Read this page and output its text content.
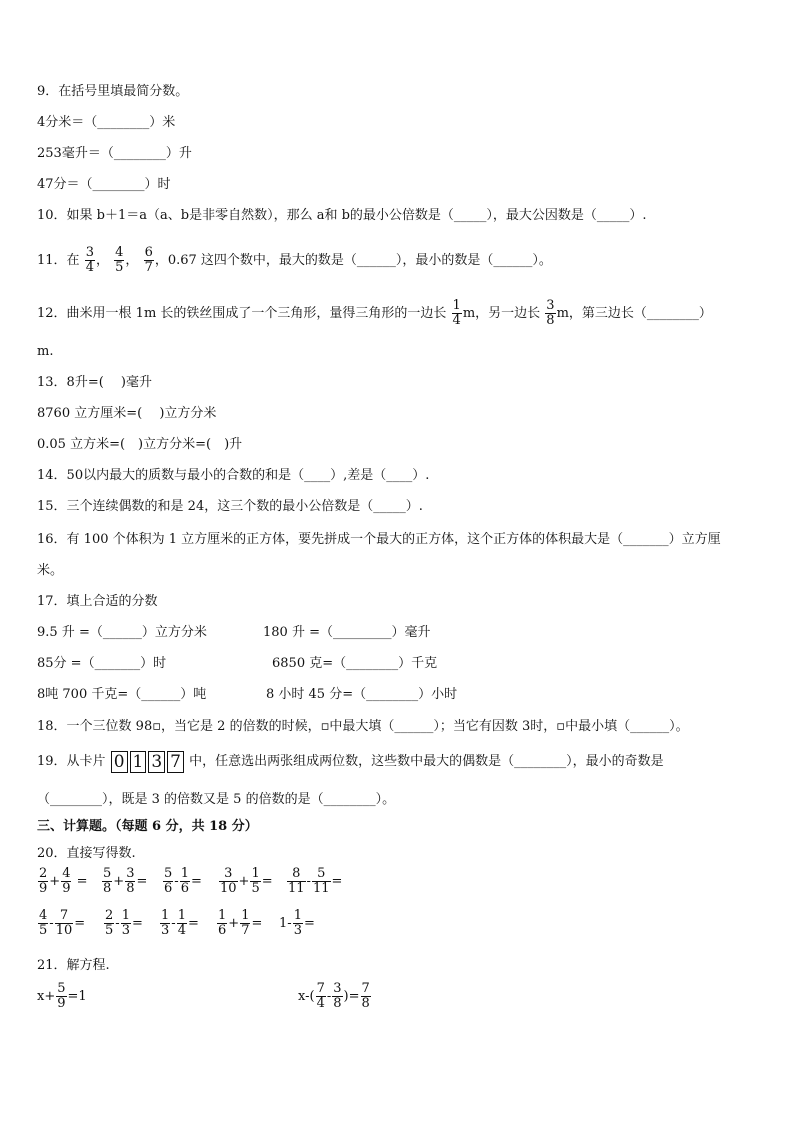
9．在括号里填最简分数。
4分米＝（________）米
253毫升＝（________）升
47分＝（________）时
10．如果 b＋1＝a（a、b是非零自然数），那么 a和 b的最小公倍数是（_____），最大公因数是（_____）.
11．在 $\frac{3}{4}$ ， $\frac{4}{5}$ ， $\frac{6}{7}$ ，0.67 这四个数中，最大的数是（______），最小的数是（______）。
12．曲米用一根 1m 长的铁丝围成了一个三角形，量得三角形的一边长 $\frac{1}{4}$ m，另一边长 $\frac{3}{8}$ m，第三边长（________）
m.
13．8升=(　 )毫升
8760 立方厘米=(　 )立方分米
0.05 立方米=(　)立方分米=(　)升
14．50以内最大的质数与最小的合数的和是（____）,差是（____）.
15．三个连续偶数的和是 24，这三个数的最小公倍数是（_____）.
16．有 100 个体积为 1 立方厘米的正方体，要先拼成一个最大的正方体，这个正方体的体积最大是（_______）立方厘
米。
17．填上合适的分数
9.5 升 =（______）立方分米	180 升 =（_________）毫升
85分 =（_______）时	6850 克=（________）千克
8吨 700 千克=（______）吨	8 小时 45 分=（________）小时
18．一个三位数 98▫，当它是 2 的倍数的时候，▫中最大填（______）；当它有因数 3时，▫中最小填（______）。
19．从卡片 0 1 3 7 中，任意选出两张组成两位数，这些数中最大的偶数是（________），最小的奇数是
（________），既是 3 的倍数又是 5 的倍数的是（________）。
三、计算题。（每题 6 分，共 18 分）
20．直接写得数.
$\frac{2}{9} + \frac{4}{9} = \frac{5}{8} + \frac{3}{8} = \frac{5}{6} - \frac{1}{6} = \frac{3}{10} + \frac{1}{5} = \frac{8}{11} - \frac{5}{11}$ =
$\frac{4}{5} - \frac{7}{10} = \frac{2}{5} - \frac{1}{3} = \frac{1}{3} - \frac{1}{4} = \frac{1}{6} + \frac{1}{7} = 1- \frac{1}{3}$ =
21．解方程.
$x+ \frac{5}{9} =1$	$x-( \frac{7}{4} - \frac{3}{8}$ )= $\frac{7}{8}$
